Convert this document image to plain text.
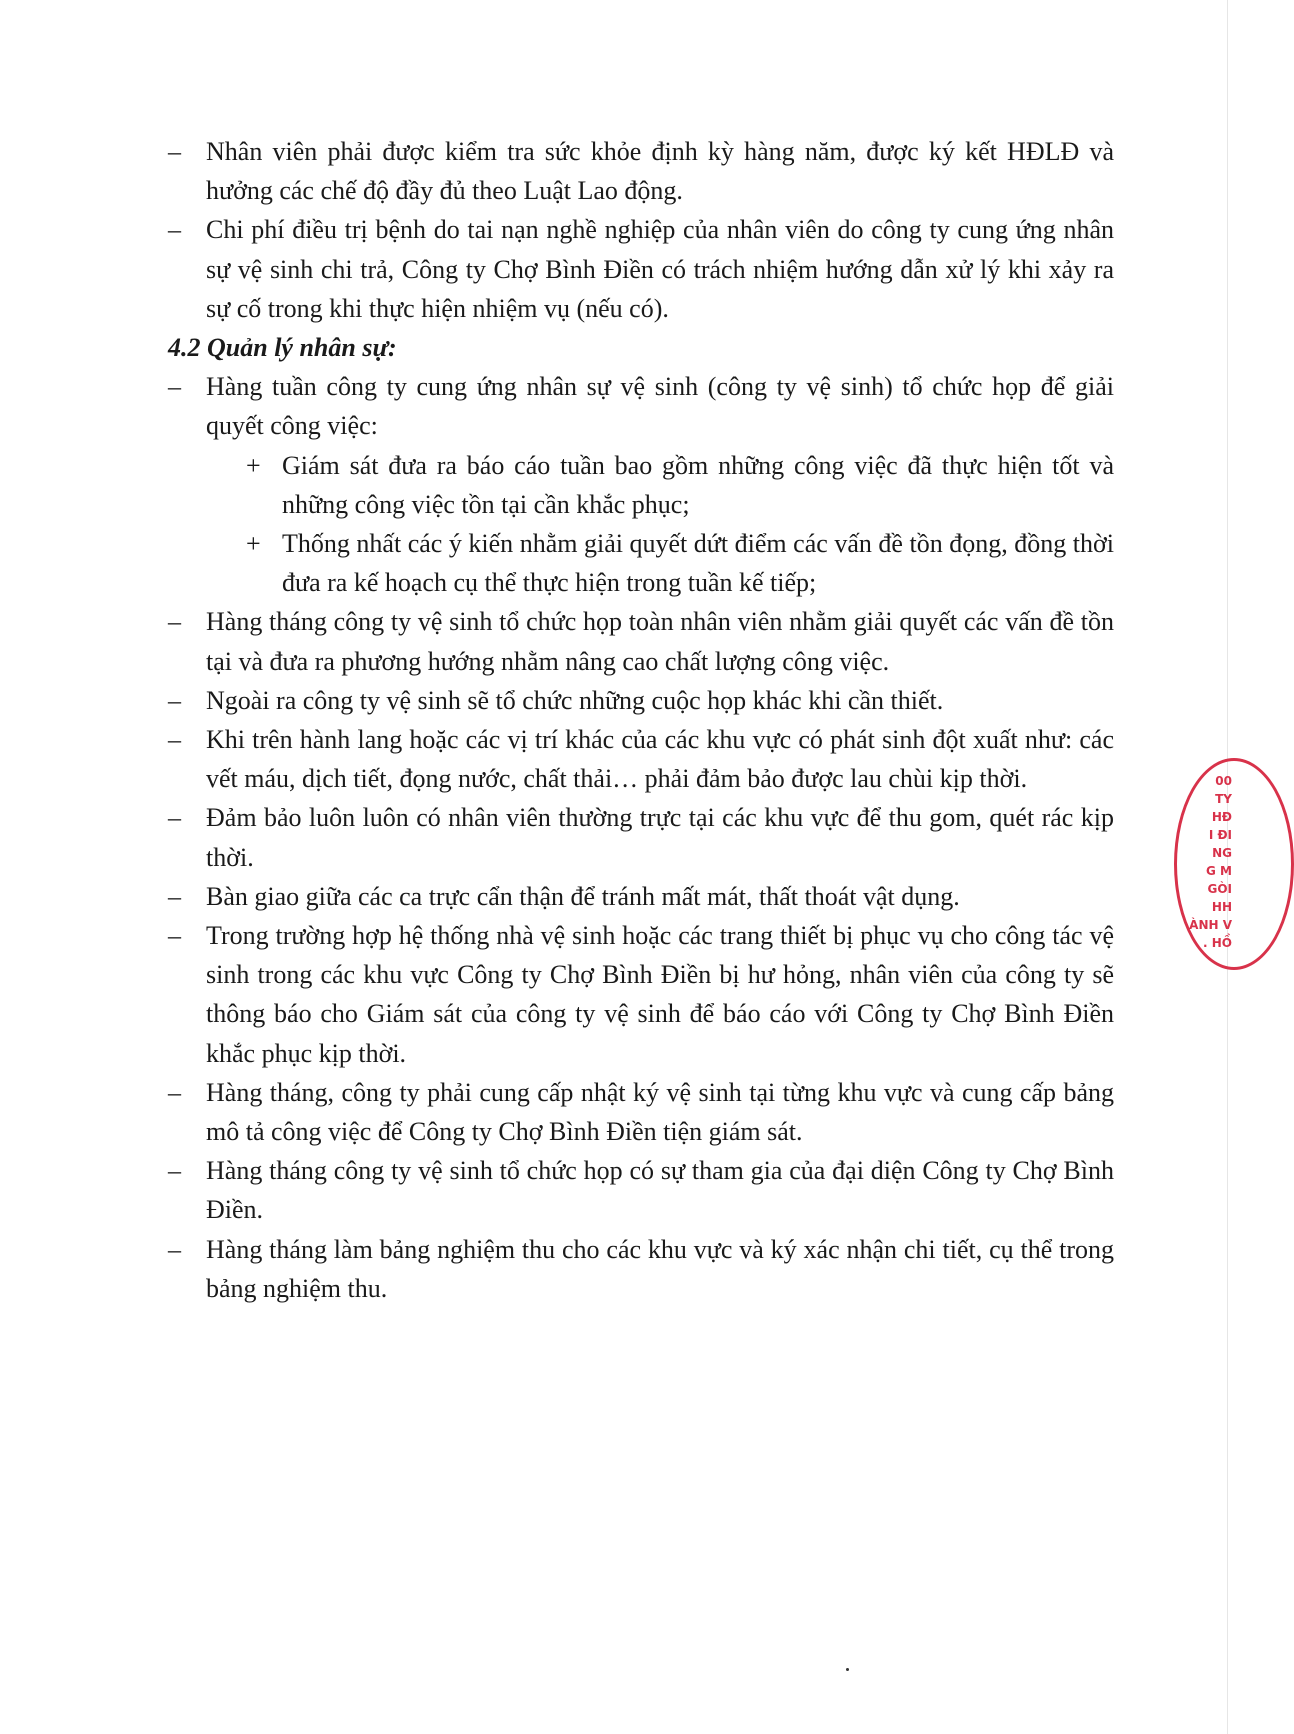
– Nhân viên phải được kiểm tra sức khỏe định kỳ hàng năm, được ký kết HĐLĐ và hưởng các chế độ đầy đủ theo Luật Lao động.
– Chi phí điều trị bệnh do tai nạn nghề nghiệp của nhân viên do công ty cung ứng nhân sự vệ sinh chi trả, Công ty Chợ Bình Điền có trách nhiệm hướng dẫn xử lý khi xảy ra sự cố trong khi thực hiện nhiệm vụ (nếu có).
4.2 Quản lý nhân sự:
– Hàng tuần công ty cung ứng nhân sự vệ sinh (công ty vệ sinh) tổ chức họp để giải quyết công việc:
+ Giám sát đưa ra báo cáo tuần bao gồm những công việc đã thực hiện tốt và những công việc tồn tại cần khắc phục;
+ Thống nhất các ý kiến nhằm giải quyết dứt điểm các vấn đề tồn đọng, đồng thời đưa ra kế hoạch cụ thể thực hiện trong tuần kế tiếp;
– Hàng tháng công ty vệ sinh tổ chức họp toàn nhân viên nhằm giải quyết các vấn đề tồn tại và đưa ra phương hướng nhằm nâng cao chất lượng công việc.
– Ngoài ra công ty vệ sinh sẽ tổ chức những cuộc họp khác khi cần thiết.
– Khi trên hành lang hoặc các vị trí khác của các khu vực có phát sinh đột xuất như: các vết máu, dịch tiết, đọng nước, chất thải… phải đảm bảo được lau chùi kịp thời.
– Đảm bảo luôn luôn có nhân viên thường trực tại các khu vực để thu gom, quét rác kịp thời.
– Bàn giao giữa các ca trực cẩn thận để tránh mất mát, thất thoát vật dụng.
– Trong trường hợp hệ thống nhà vệ sinh hoặc các trang thiết bị phục vụ cho công tác vệ sinh trong các khu vực Công ty Chợ Bình Điền bị hư hỏng, nhân viên của công ty sẽ thông báo cho Giám sát của công ty vệ sinh để báo cáo với Công ty Chợ Bình Điền khắc phục kịp thời.
– Hàng tháng, công ty phải cung cấp nhật ký vệ sinh tại từng khu vực và cung cấp bảng mô tả công việc để Công ty Chợ Bình Điền tiện giám sát.
– Hàng tháng công ty vệ sinh tổ chức họp có sự tham gia của đại diện Công ty Chợ Bình Điền.
– Hàng tháng làm bảng nghiệm thu cho các khu vực và ký xác nhận chi tiết, cụ thể trong bảng nghiệm thu.
00
TY
HĐ
I ĐI
NG
G M
GÒI
HH
ÀNH V
. HỒ
